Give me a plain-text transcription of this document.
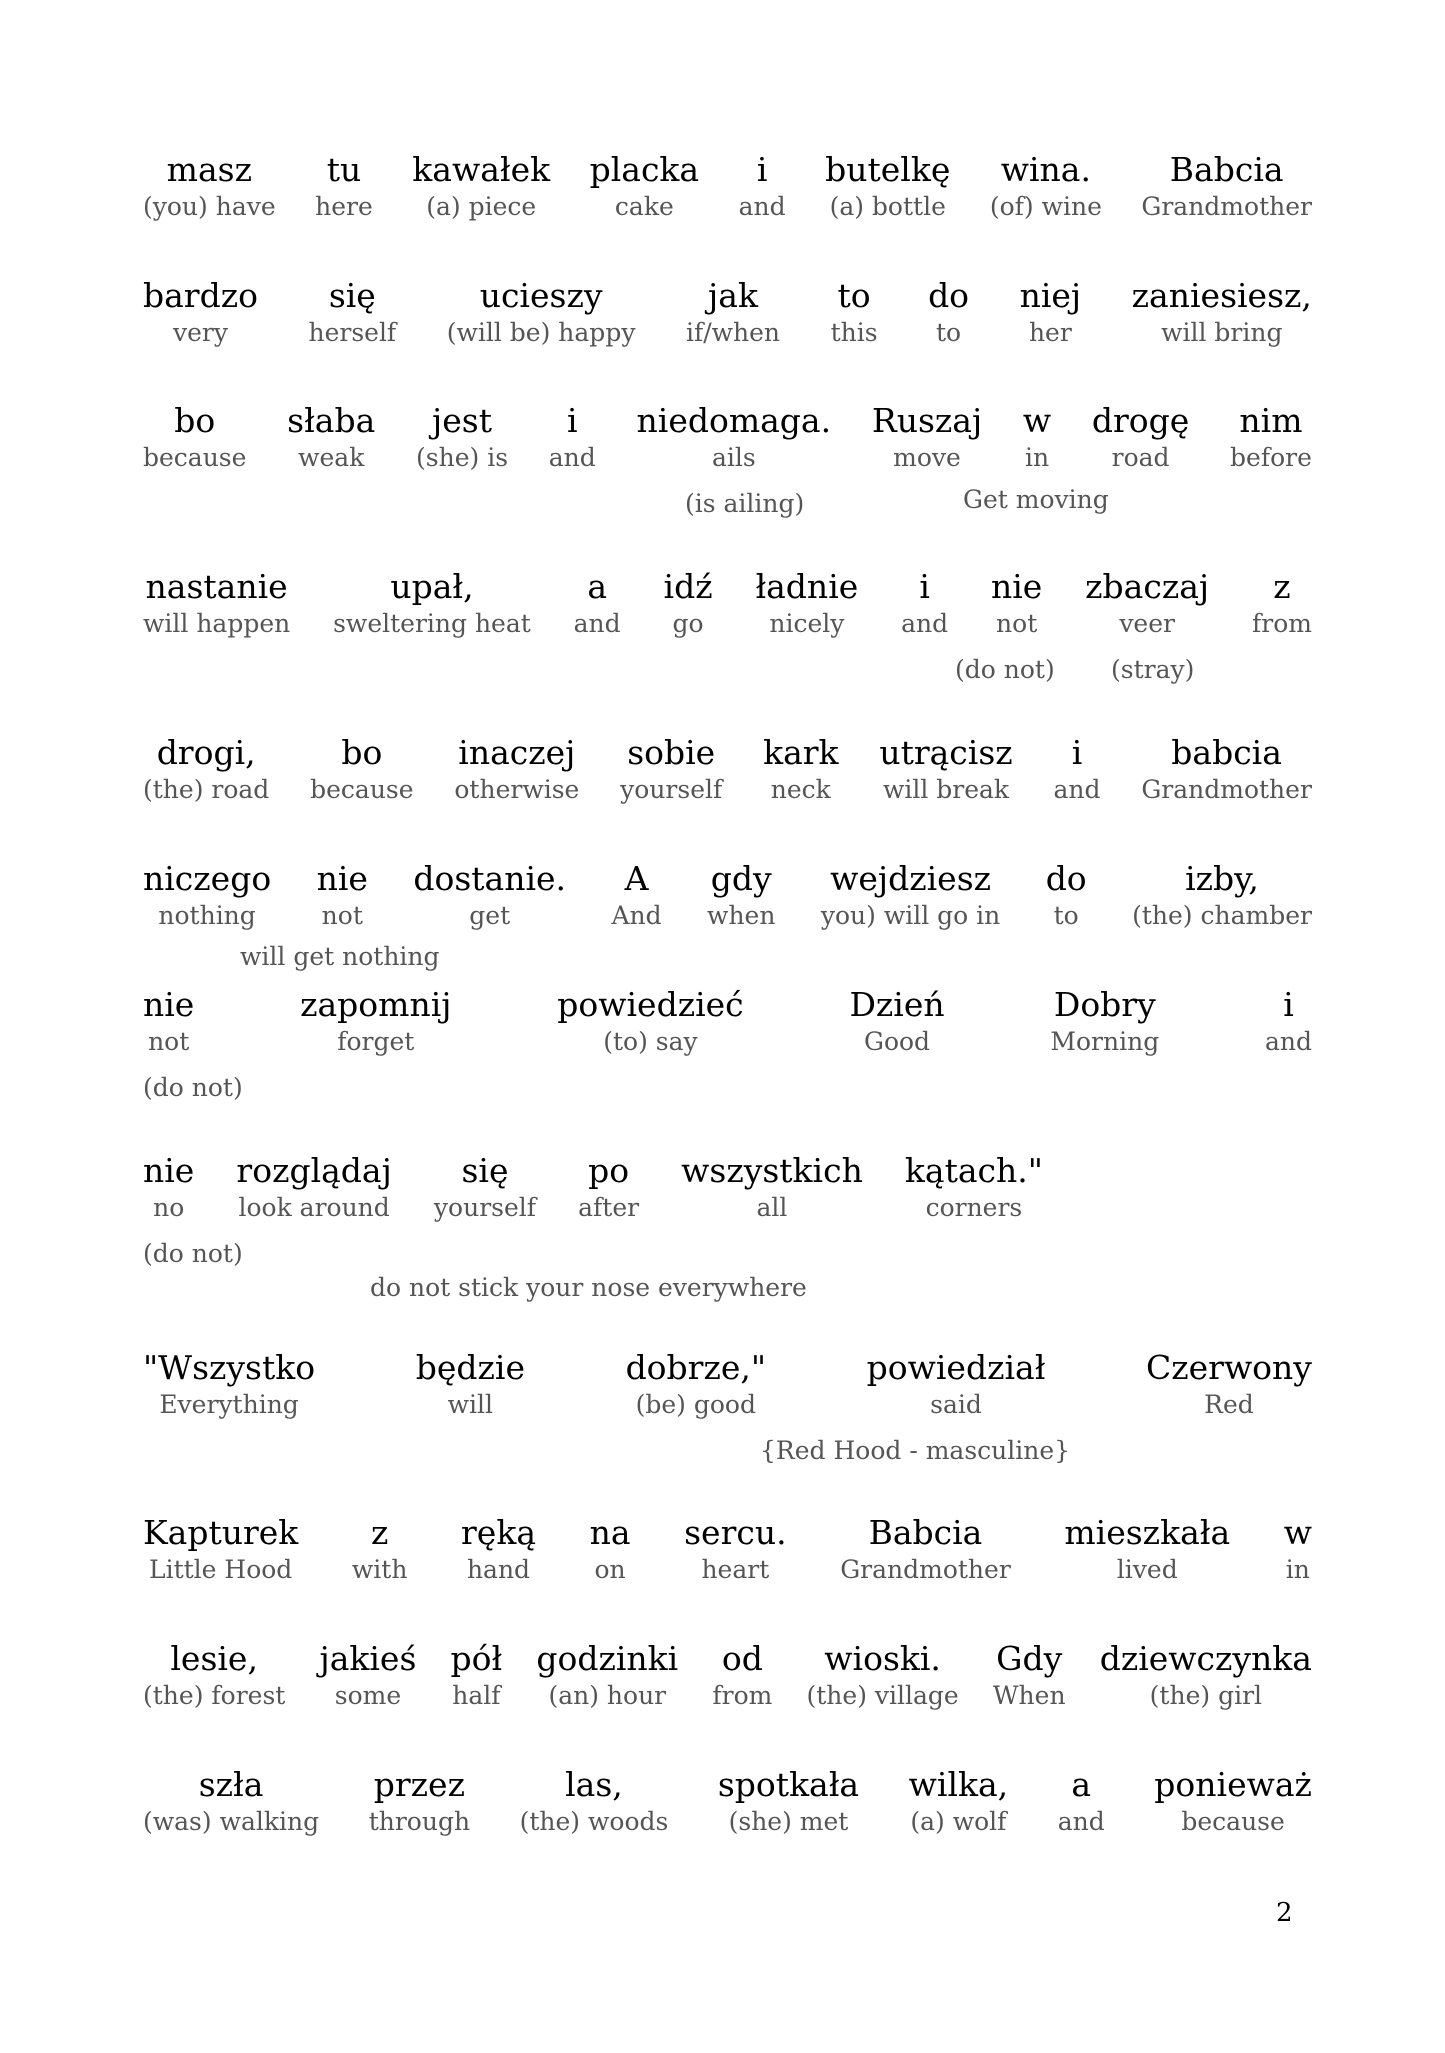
masz
(you) have
tu
here
kawałek
(a) piece
placka
cake
i
and
butelkę
(a) bottle
wina.
(of) wine
Babcia
Grandmother
bardzo
very
się
herself
ucieszy
(will be) happy
jak
if/when
to
this
do
to
niej
her
zaniesiesz,
will bring
bo
because
słaba
weak
jest
(she) is
i
and
niedomaga.
ails
Ruszaj
move
w
in
drogę
road
nim
before
(is ailing)	Get moving
nastanie
will happen
upał,
sweltering heat
a
and
idź
go
ładnie
nicely
i
and
nie
not
zbaczaj
veer
z
from
(do not) (stray)
drogi,
(the) road
bo
because
inaczej
otherwise
sobie
yourself
kark
neck
utrącisz
will break
i
and
babcia
Grandmother
niczego
nothing
nie
not
dostanie.
get
A
And
gdy
when
wejdziesz
you) will go in
do
to
izby,
(the) chamber
will get nothing
nie
not
zapomnij
forget
powiedzieć
(to) say
Dzień
Good
Dobry
Morning
i
and
(do not)
nie
no
rozglądaj
look around
się
yourself
po
after
wszystkich
all
kątach."
corners
(do not)
do not stick your nose everywhere
"Wszystko
Everything
będzie
will
dobrze,"
(be) good
powiedział
said
Czerwony
Red
{Red Hood - masculine}
Kapturek
Little Hood
z
with
ręką
hand
na
on
sercu.
heart
Babcia
Grandmother
mieszkała
lived
w
in
lesie,
(the) forest
jakieś
some
pół
half
godzinki
(an) hour
od
from
wioski.
(the) village
Gdy
When
dziewczynka
(the) girl
szła
(was) walking
przez
through
las,
(the) woods
spotkała
(she) met
wilka,
(a) wolf
a
and
ponieważ
because
2
